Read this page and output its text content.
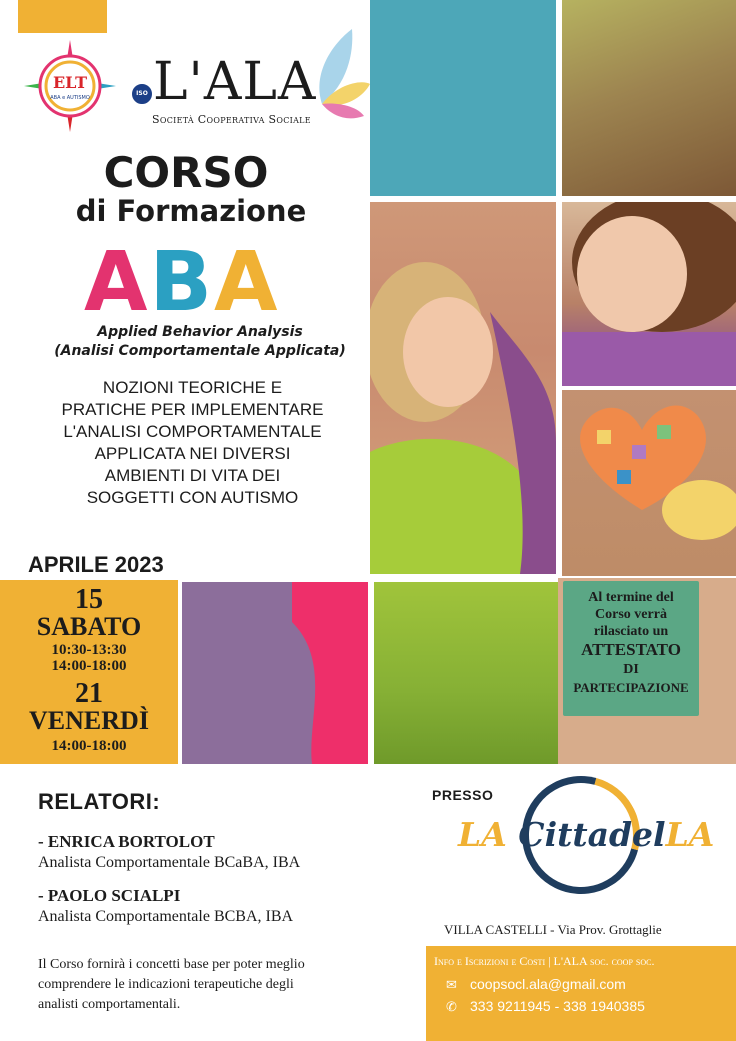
ELT
ABA e AUTISMO
ISO L'ALA
Società Cooperativa Sociale
CORSO
di Formazione
ABA
Applied Behavior Analysis
(Analisi Comportamentale Applicata)
NOZIONI TEORICHE E
PRATICHE PER IMPLEMENTARE
L'ANALISI COMPORTAMENTALE
APPLICATA NEI DIVERSI
AMBIENTI DI VITA DEI
SOGGETTI CON AUTISMO
APRILE 2023
15
SABATO
10:30-13:30
14:00-18:00
21
VENERDÌ
14:00-18:00
Al termine del
Corso verrà
rilasciato un
ATTESTATO
DI
PARTECIPAZIONE
RELATORI:
- ENRICA BORTOLOT
Analista Comportamentale BCaBA, IBA
- PAOLO SCIALPI
Analista Comportamentale BCBA, IBA
Il Corso fornirà i concetti base per poter meglio
comprendere le indicazioni terapeutiche degli
analisti comportamentali.
PRESSO
LA CittadelLA
VILLA CASTELLI - Via Prov. Grottaglie
Info e Iscrizioni e Costi | L'ALA soc. coop soc.
✉ coopsocl.ala@gmail.com
✆ 333 9211945 - 338 1940385
